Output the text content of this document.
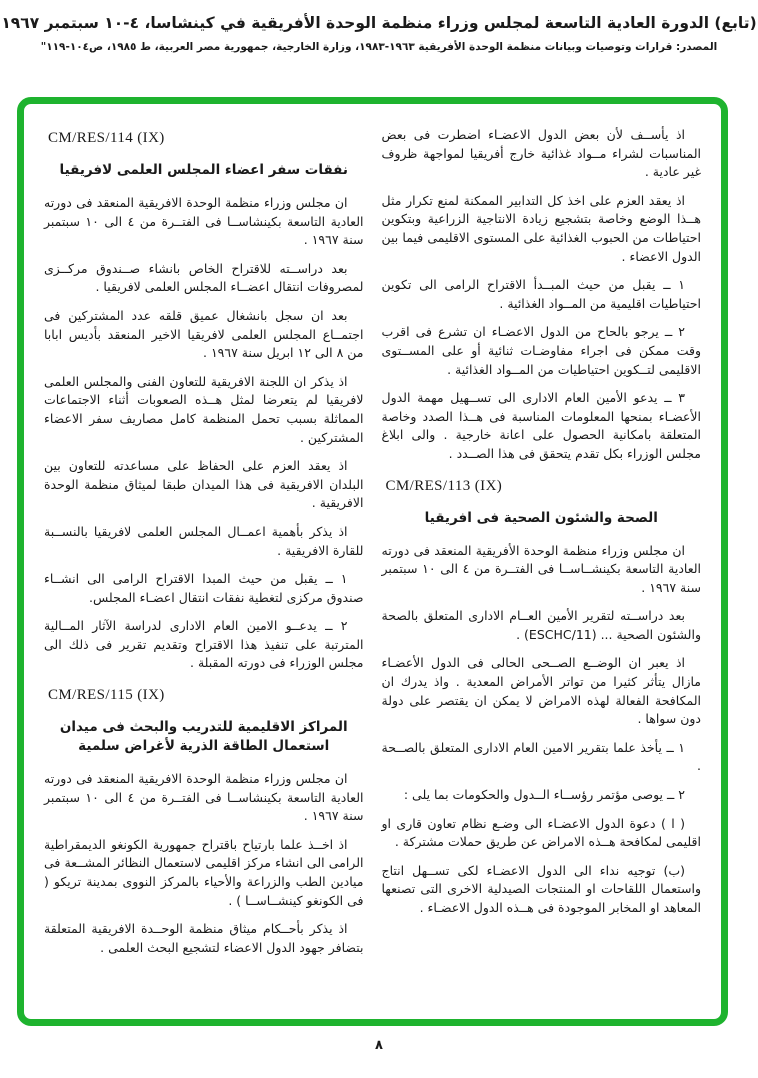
(تابع) الدورة العادية التاسعة لمجلس وزراء منظمة الوحدة الأفريقية في كينشاسا، ٤-١٠ سبتمبر ١٩٦٧
المصدر: قرارات وتوصيات وبيانات منظمة الوحدة الأفريقية ١٩٦٣-١٩٨٣، وزارة الخارجية، جمهورية مصر العربية، ط ١٩٨٥، ص١٠٤-١١٩"

اذ يأســف لأن بعض الدول الاعضـاء اضطرت فى بعض المناسبات لشراء مــواد غذائية خارج أفريقيا لمواجهة ظروف غير عادية .

اذ يعقد العزم على اخذ كل التدابير الممكنة لمنع تكرار مثل هــذا الوضع وخاصة بتشجيع زيادة الانتاجية الزراعية وبتكوين احتياطات من الحبوب الغذائية على المستوى الاقليمى فيما بين الدول الاعضاء .

١ ــ يقبل من حيث المبــدأ الاقتراح الرامى الى تكوين احتياطيات اقليمية من المــواد الغذائية .

٢ ــ يرجو بالحاح من الدول الاعضـاء ان تشرع فى اقرب وقت ممكن فى اجراء مفاوضـات ثنائية أو على المســتوى الاقليمى لتــكوين احتياطيات من المــواد الغذائية .

٣ ــ يدعو الأمين العام الادارى الى تســهيل مهمة الدول الأعضـاء بمنحها المعلومات المناسبة فى هــذا الصدد وخاصة المتعلقة بامكانية الحصول على اعانة خارجية . والى ابلاغ مجلس الوزراء بكل تقدم يتحقق فى هذا الصــدد .

CM/RES/113 (IX)
الصحة والشئون الصحية فى افريقيا

ان مجلس وزراء منظمة الوحدة الأفريقية المنعقد فى دورته العادية التاسعة بكينشــاســا فى الفتــرة من ٤ الى ١٠ سبتمبر سنة ١٩٦٧ .

بعد دراســته لتقرير الأمين العــام الادارى المتعلق بالصحة والشئون الصحية ... (ESCHC/11) .

اذ يعبر ان الوضــع الصــحى الحالى فى الدول الأعضـاء مازال يتأثر كثيرا من تواتر الأمراض المعدية . واذ يدرك ان المكافحة الفعالة لهذه الامراض لا يمكن ان يقتصر على دولة دون سواها .

١ ــ يأخذ علما بتقرير الامين العام الادارى المتعلق بالصــحة .

٢ ــ يوصى مؤتمر رؤســاء الــدول والحكومات بما يلى :

( ا ) دعوة الدول الاعضـاء الى وضـع نظام تعاون قارى او اقليمى لمكافحة هــذه الامراض عن طريق حملات مشتركة .

(ب) توجيه نداء الى الدول الاعضـاء لكى تســهل انتاج واستعمال اللقاحات او المنتجات الصيدلية الاخرى التى تصنعها المعاهد او المخابر الموجودة فى هــذه الدول الاعضـاء .

CM/RES/114 (IX)
نفقات سفر اعضاء المجلس العلمى لافريقيا

ان مجلس وزراء منظمة الوحدة الافريقية المنعقد فى دورته العادية التاسعة بكينشاســا فى الفتــرة من ٤ الى ١٠ سبتمبر سنة ١٩٦٧ .

بعد دراســته للاقتراح الخاص بانشاء صــندوق مركــزى لمصروفات انتقال اعضــاء المجلس العلمى لافريقيا .

بعد ان سجل بانشغال عميق قلقه عدد المشتركين فى اجتمــاع المجلس العلمى لافريقيا الاخير المنعقد بأديس ابابا من ٨ الى ١٢ ابريل سنة ١٩٦٧ .

اذ يذكر ان اللجنة الافريقية للتعاون الفنى والمجلس العلمى لافريقيا لم يتعرضا لمثل هــذه الصعوبات أثناء الاجتماعات المماثلة بسبب تحمل المنظمة كامل مصاريف سفر الاعضاء المشتركين .

اذ يعقد العزم على الحفاظ على مساعدته للتعاون بين البلدان الافريقية فى هذا الميدان طبقا لميثاق منظمة الوحدة الافريقية .

اذ يذكر بأهمية اعمــال المجلس العلمى لافريقيا بالنســبة للقارة الافريقية .

١ ــ يقبل من حيث المبدا الاقتراح الرامى الى انشــاء صندوق مركزى لتغطية نفقات انتقال اعضـاء المجلس.

٢ ــ يدعــو الامين العام الادارى لدراسة الآثار المــالية المترتبة على تنفيذ هذا الاقتراح وتقديم تقرير فى ذلك الى مجلس الوزراء فى دورته المقبلة .

CM/RES/115 (IX)
المراكز الاقليمية للتدريب والبحث فى ميدان استعمال الطاقة الذرية لأغراض سلمية

ان مجلس وزراء منظمة الوحدة الافريقية المنعقد فى دورته العادية التاسعة بكينشاســا فى الفتــرة من ٤ الى ١٠ سبتمبر سنة ١٩٦٧ .

اذ اخــذ علما بارتياح باقتراح جمهورية الكونغو الديمقراطية الرامى الى انشاء مركز اقليمى لاستعمال النظائر المشــعة فى ميادين الطب والزراعة والأحياء بالمركز النووى بمدينة تريكو ( فى الكونغو كينشــاســا ) .

اذ يذكر بأحــكام ميثاق منظمة الوحــدة الافريقية المتعلقة بتضافر جهود الدول الاعضاء لتشجيع البحث العلمى .

٨
